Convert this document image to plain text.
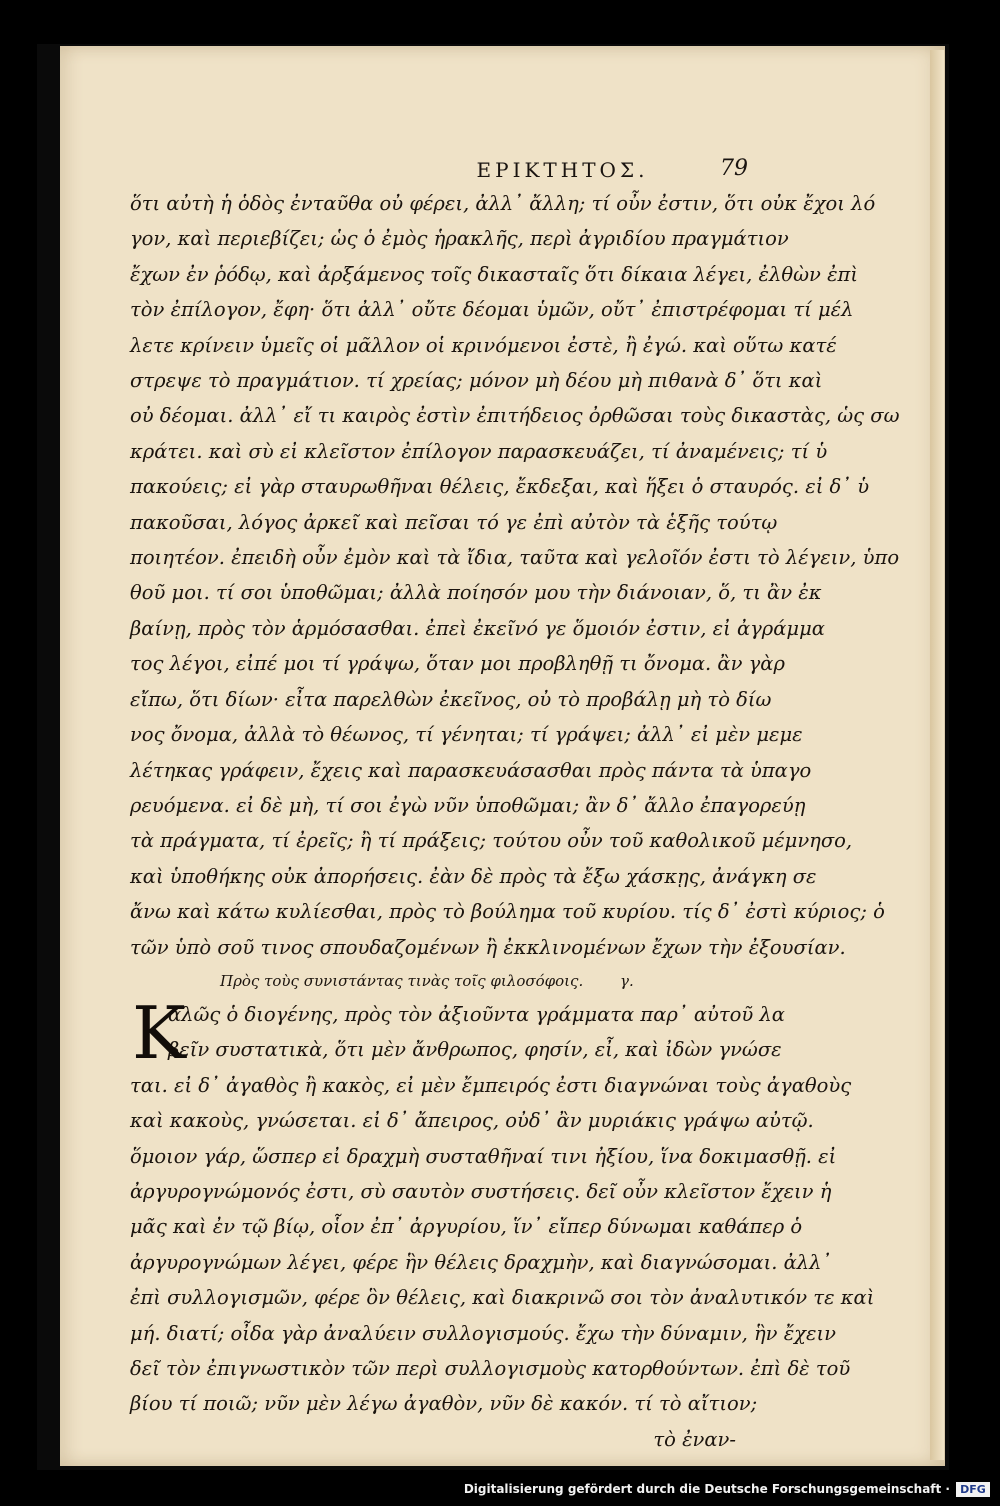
ΕΡΙΚΤΗΤΟΣ.	79
ὅτι αὐτὴ ἡ ὁδὸς ἐνταῦθα οὐ φέρει, ἀλλ᾽ ἄλλη; τί οὖν ἐστιν, ὅτι οὐκ ἔχοι λό
γον, καὶ περιεβίζει; ὡς ὁ ἐμὸς ἡρακλῆς, περὶ ἀγριδίου πραγμάτιον
ἔχων ἐν ῥόδῳ, καὶ ἀρξάμενος τοῖς δικασταῖς ὅτι δίκαια λέγει, ἐλθὼν ἐπὶ
τὸν ἐπίλογον, ἔφη· ὅτι ἀλλ᾽ οὔτε δέομαι ὑμῶν, οὔτ᾽ ἐπιστρέφομαι τί μέλ
λετε κρίνειν ὑμεῖς οἱ μᾶλλον οἱ κρινόμενοι ἐστὲ, ἢ ἐγώ. καὶ οὕτω κατέ
στρεψε τὸ πραγμάτιον. τί χρείας; μόνον μὴ δέου μὴ πιθανὰ δ᾽ ὅτι καὶ
οὐ δέομαι. ἀλλ᾽ εἴ τι καιρὸς ἐστὶν ἐπιτήδειος ὀρθῶσαι τοὺς δικαστὰς, ὡς σω
κράτει. καὶ σὺ εἰ κλεῖστον ἐπίλογον παρασκευάζει, τί ἀναμένεις; τί ὑ
πακούεις; εἰ γὰρ σταυρωθῆναι θέλεις, ἔκδεξαι, καὶ ἥξει ὁ σταυρός. εἰ δ᾽ ὑ
πακοῦσαι, λόγος ἀρκεῖ καὶ πεῖσαι τό γε ἐπὶ αὐτὸν τὰ ἑξῆς τούτῳ
ποιητέον. ἐπειδὴ οὖν ἐμὸν καὶ τὰ ἴδια, ταῦτα καὶ γελοῖόν ἐστι τὸ λέγειν, ὑπο
θοῦ μοι. τί σοι ὑποθῶμαι; ἀλλὰ ποίησόν μου τὴν διάνοιαν, ὅ, τι ἂν ἐκ
βαίνῃ, πρὸς τὸν ἁρμόσασθαι. ἐπεὶ ἐκεῖνό γε ὅμοιόν ἐστιν, εἰ ἀγράμμα
τος λέγοι, εἰπέ μοι τί γράψω, ὅταν μοι προβληθῇ τι ὄνομα. ἂν γὰρ
εἴπω, ὅτι δίων· εἶτα παρελθὼν ἐκεῖνος, οὐ τὸ προβάλῃ μὴ τὸ δίω
νος ὄνομα, ἀλλὰ τὸ θέωνος, τί γένηται; τί γράψει; ἀλλ᾽ εἰ μὲν μεμε
λέτηκας γράφειν, ἔχεις καὶ παρασκευάσασθαι πρὸς πάντα τὰ ὑπαγο
ρευόμενα. εἰ δὲ μὴ, τί σοι ἐγὼ νῦν ὑποθῶμαι; ἂν δ᾽ ἄλλο ἐπαγορεύῃ
τὰ πράγματα, τί ἐρεῖς; ἢ τί πράξεις; τούτου οὖν τοῦ καθολικοῦ μέμνησο,
καὶ ὑποθήκης οὐκ ἀπορήσεις. ἐὰν δὲ πρὸς τὰ ἔξω χάσκῃς, ἀνάγκη σε
ἄνω καὶ κάτω κυλίεσθαι, πρὸς τὸ βούλημα τοῦ κυρίου. τίς δ᾽ ἐστὶ κύριος; ὁ
τῶν ὑπὸ σοῦ τινος σπουδαζομένων ἢ ἐκκλινομένων ἔχων τὴν ἐξουσίαν.
Πρὸς τοὺς συνιστάντας τινὰς τοῖς φιλοσόφοις. γ.
K
αλῶς ὁ διογένης, πρὸς τὸν ἀξιοῦντα γράμματα παρ᾽ αὐτοῦ λα
βεῖν συστατικὰ, ὅτι μὲν ἄνθρωπος, φησίν, εἶ, καὶ ἰδὼν γνώσε
ται. εἰ δ᾽ ἀγαθὸς ἢ κακὸς, εἰ μὲν ἔμπειρός ἐστι διαγνώναι τοὺς ἀγαθοὺς
καὶ κακοὺς, γνώσεται. εἰ δ᾽ ἄπειρος, οὐδ᾽ ἂν μυριάκις γράψω αὐτῷ.
ὅμοιον γάρ, ὥσπερ εἰ δραχμὴ συσταθῆναί τινι ἠξίου, ἵνα δοκιμασθῇ. εἰ
ἀργυρογνώμονός ἐστι, σὺ σαυτὸν συστήσεις. δεῖ οὖν κλεῖστον ἔχειν ἡ
μᾶς καὶ ἐν τῷ βίῳ, οἷον ἐπ᾽ ἀργυρίου, ἵν᾽ εἴπερ δύνωμαι καθάπερ ὁ
ἀργυρογνώμων λέγει, φέρε ἣν θέλεις δραχμὴν, καὶ διαγνώσομαι. ἀλλ᾽
ἐπὶ συλλογισμῶν, φέρε ὃν θέλεις, καὶ διακρινῶ σοι τὸν ἀναλυτικόν τε καὶ
μή. διατί; οἶδα γὰρ ἀναλύειν συλλογισμούς. ἔχω τὴν δύναμιν, ἣν ἔχειν
δεῖ τὸν ἐπιγνωστικὸν τῶν περὶ συλλογισμοὺς κατορθούντων. ἐπὶ δὲ τοῦ
βίου τί ποιῶ; νῦν μὲν λέγω ἀγαθὸν, νῦν δὲ κακόν. τί τὸ αἴτιον;
τὸ ἐναν-
Digitalisierung gefördert durch die Deutsche Forschungsgemeinschaft · DFG
